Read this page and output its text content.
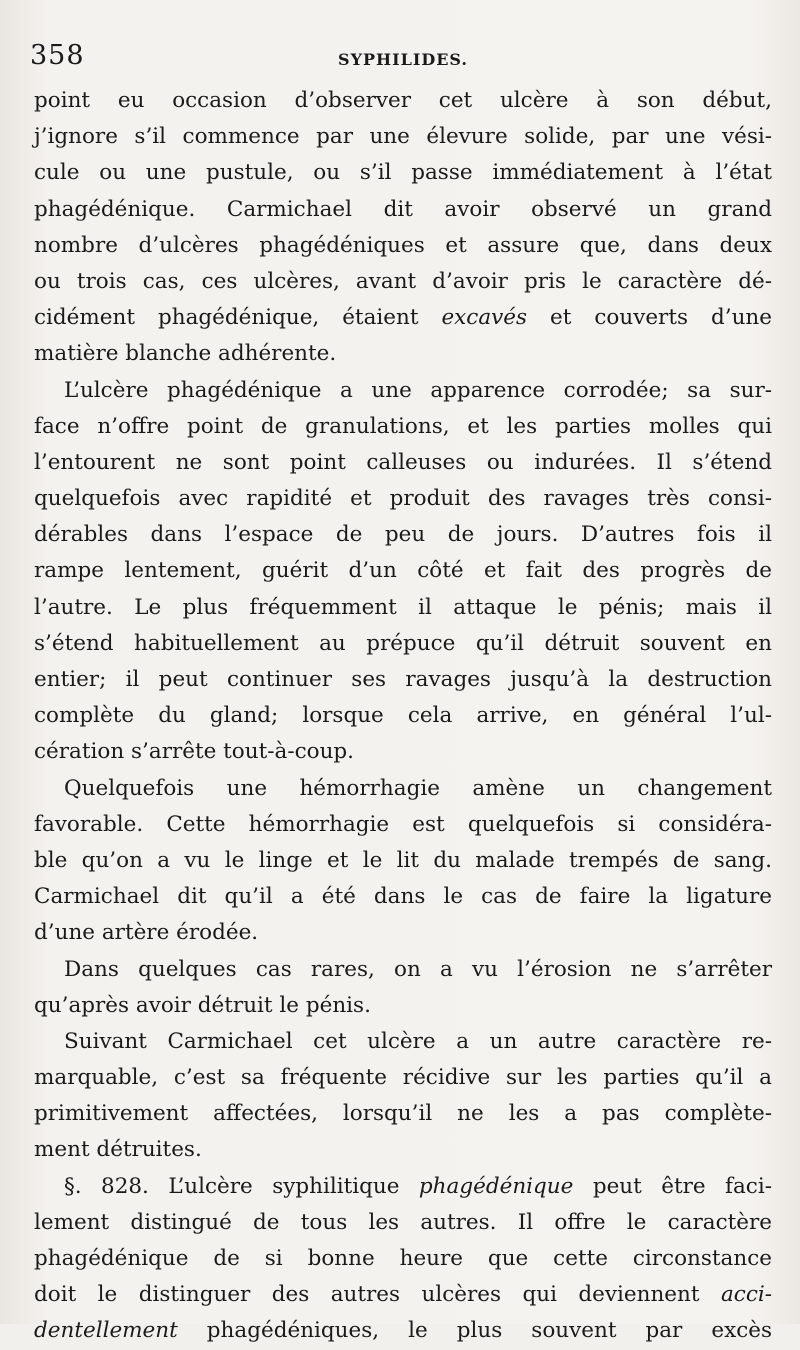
358	SYPHILIDES.
point eu occasion d’observer cet ulcère à son début,
j’ignore s’il commence par une élevure solide, par une vési-
cule ou une pustule, ou s’il passe immédiatement à l’état
phagédénique. Carmichael dit avoir observé un grand
nombre d’ulcères phagédéniques et assure que, dans deux
ou trois cas, ces ulcères, avant d’avoir pris le caractère dé-
cidément phagédénique, étaient excavés et couverts d’une
matière blanche adhérente.
L’ulcère phagédénique a une apparence corrodée; sa sur-
face n’offre point de granulations, et les parties molles qui
l’entourent ne sont point calleuses ou indurées. Il s’étend
quelquefois avec rapidité et produit des ravages très consi-
dérables dans l’espace de peu de jours. D’autres fois il
rampe lentement, guérit d’un côté et fait des progrès de
l’autre. Le plus fréquemment il attaque le pénis; mais il
s’étend habituellement au prépuce qu’il détruit souvent en
entier; il peut continuer ses ravages jusqu’à la destruction
complète du gland; lorsque cela arrive, en général l’ul-
cération s’arrête tout-à-coup.
Quelquefois une hémorrhagie amène un changement
favorable. Cette hémorrhagie est quelquefois si considéra-
ble qu’on a vu le linge et le lit du malade trempés de sang.
Carmichael dit qu’il a été dans le cas de faire la ligature
d’une artère érodée.
Dans quelques cas rares, on a vu l’érosion ne s’arrêter
qu’après avoir détruit le pénis.
Suivant Carmichael cet ulcère a un autre caractère re-
marquable, c’est sa fréquente récidive sur les parties qu’il a
primitivement affectées, lorsqu’il ne les a pas complète-
ment détruites.
§. 828. L’ulcère syphilitique phagédénique peut être faci-
lement distingué de tous les autres. Il offre le caractère
phagédénique de si bonne heure que cette circonstance
doit le distinguer des autres ulcères qui deviennent acci-
dentellement phagédéniques, le plus souvent par excès
